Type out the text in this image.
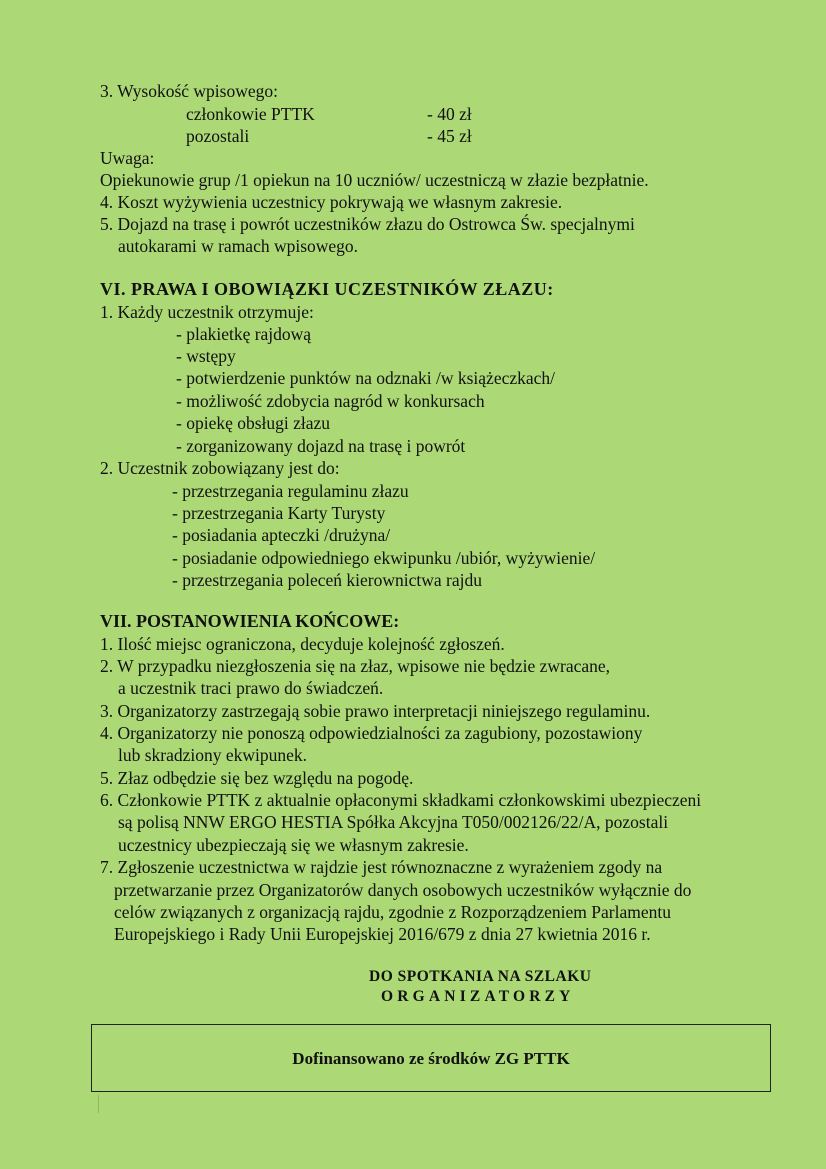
3. Wysokość wpisowego:
członkowie PTTK	- 40 zł
pozostali	- 45 zł
Uwaga:
Opiekunowie grup /1 opiekun na 10 uczniów/ uczestniczą w złazie bezpłatnie.
4. Koszt wyżywienia uczestnicy pokrywają we własnym zakresie.
5. Dojazd na trasę i powrót uczestników złazu do Ostrowca Św. specjalnymi
autokarami w ramach wpisowego.
VI. PRAWA I OBOWIĄZKI UCZESTNIKÓW ZŁAZU:
1. Każdy uczestnik otrzymuje:
- plakietkę rajdową
- wstępy
- potwierdzenie punktów na odznaki /w książeczkach/
- możliwość zdobycia nagród w konkursach
- opiekę obsługi złazu
- zorganizowany dojazd na trasę i powrót
2. Uczestnik zobowiązany jest do:
- przestrzegania regulaminu złazu
- przestrzegania Karty Turysty
- posiadania apteczki /drużyna/
- posiadanie odpowiedniego ekwipunku /ubiór, wyżywienie/
- przestrzegania poleceń kierownictwa rajdu
VII. POSTANOWIENIA KOŃCOWE:
1. Ilość miejsc ograniczona, decyduje kolejność zgłoszeń.
2. W przypadku niezgłoszenia się na złaz, wpisowe nie będzie zwracane,
a uczestnik traci prawo do świadczeń.
3. Organizatorzy zastrzegają sobie prawo interpretacji niniejszego regulaminu.
4. Organizatorzy nie ponoszą odpowiedzialności za zagubiony, pozostawiony
lub skradziony ekwipunek.
5. Złaz odbędzie się bez względu na pogodę.
6. Członkowie PTTK z aktualnie opłaconymi składkami członkowskimi ubezpieczeni
są polisą NNW ERGO HESTIA Spółka Akcyjna T050/002126/22/A, pozostali
uczestnicy ubezpieczają się we własnym zakresie.
7. Zgłoszenie uczestnictwa w rajdzie jest równoznaczne z wyrażeniem zgody na
przetwarzanie przez Organizatorów danych osobowych uczestników wyłącznie do
celów związanych z organizacją rajdu, zgodnie z Rozporządzeniem Parlamentu
Europejskiego i Rady Unii Europejskiej 2016/679 z dnia 27 kwietnia 2016 r.
DO SPOTKANIA NA SZLAKU
ORGANIZATORZY
Dofinansowano ze środków ZG PTTK
